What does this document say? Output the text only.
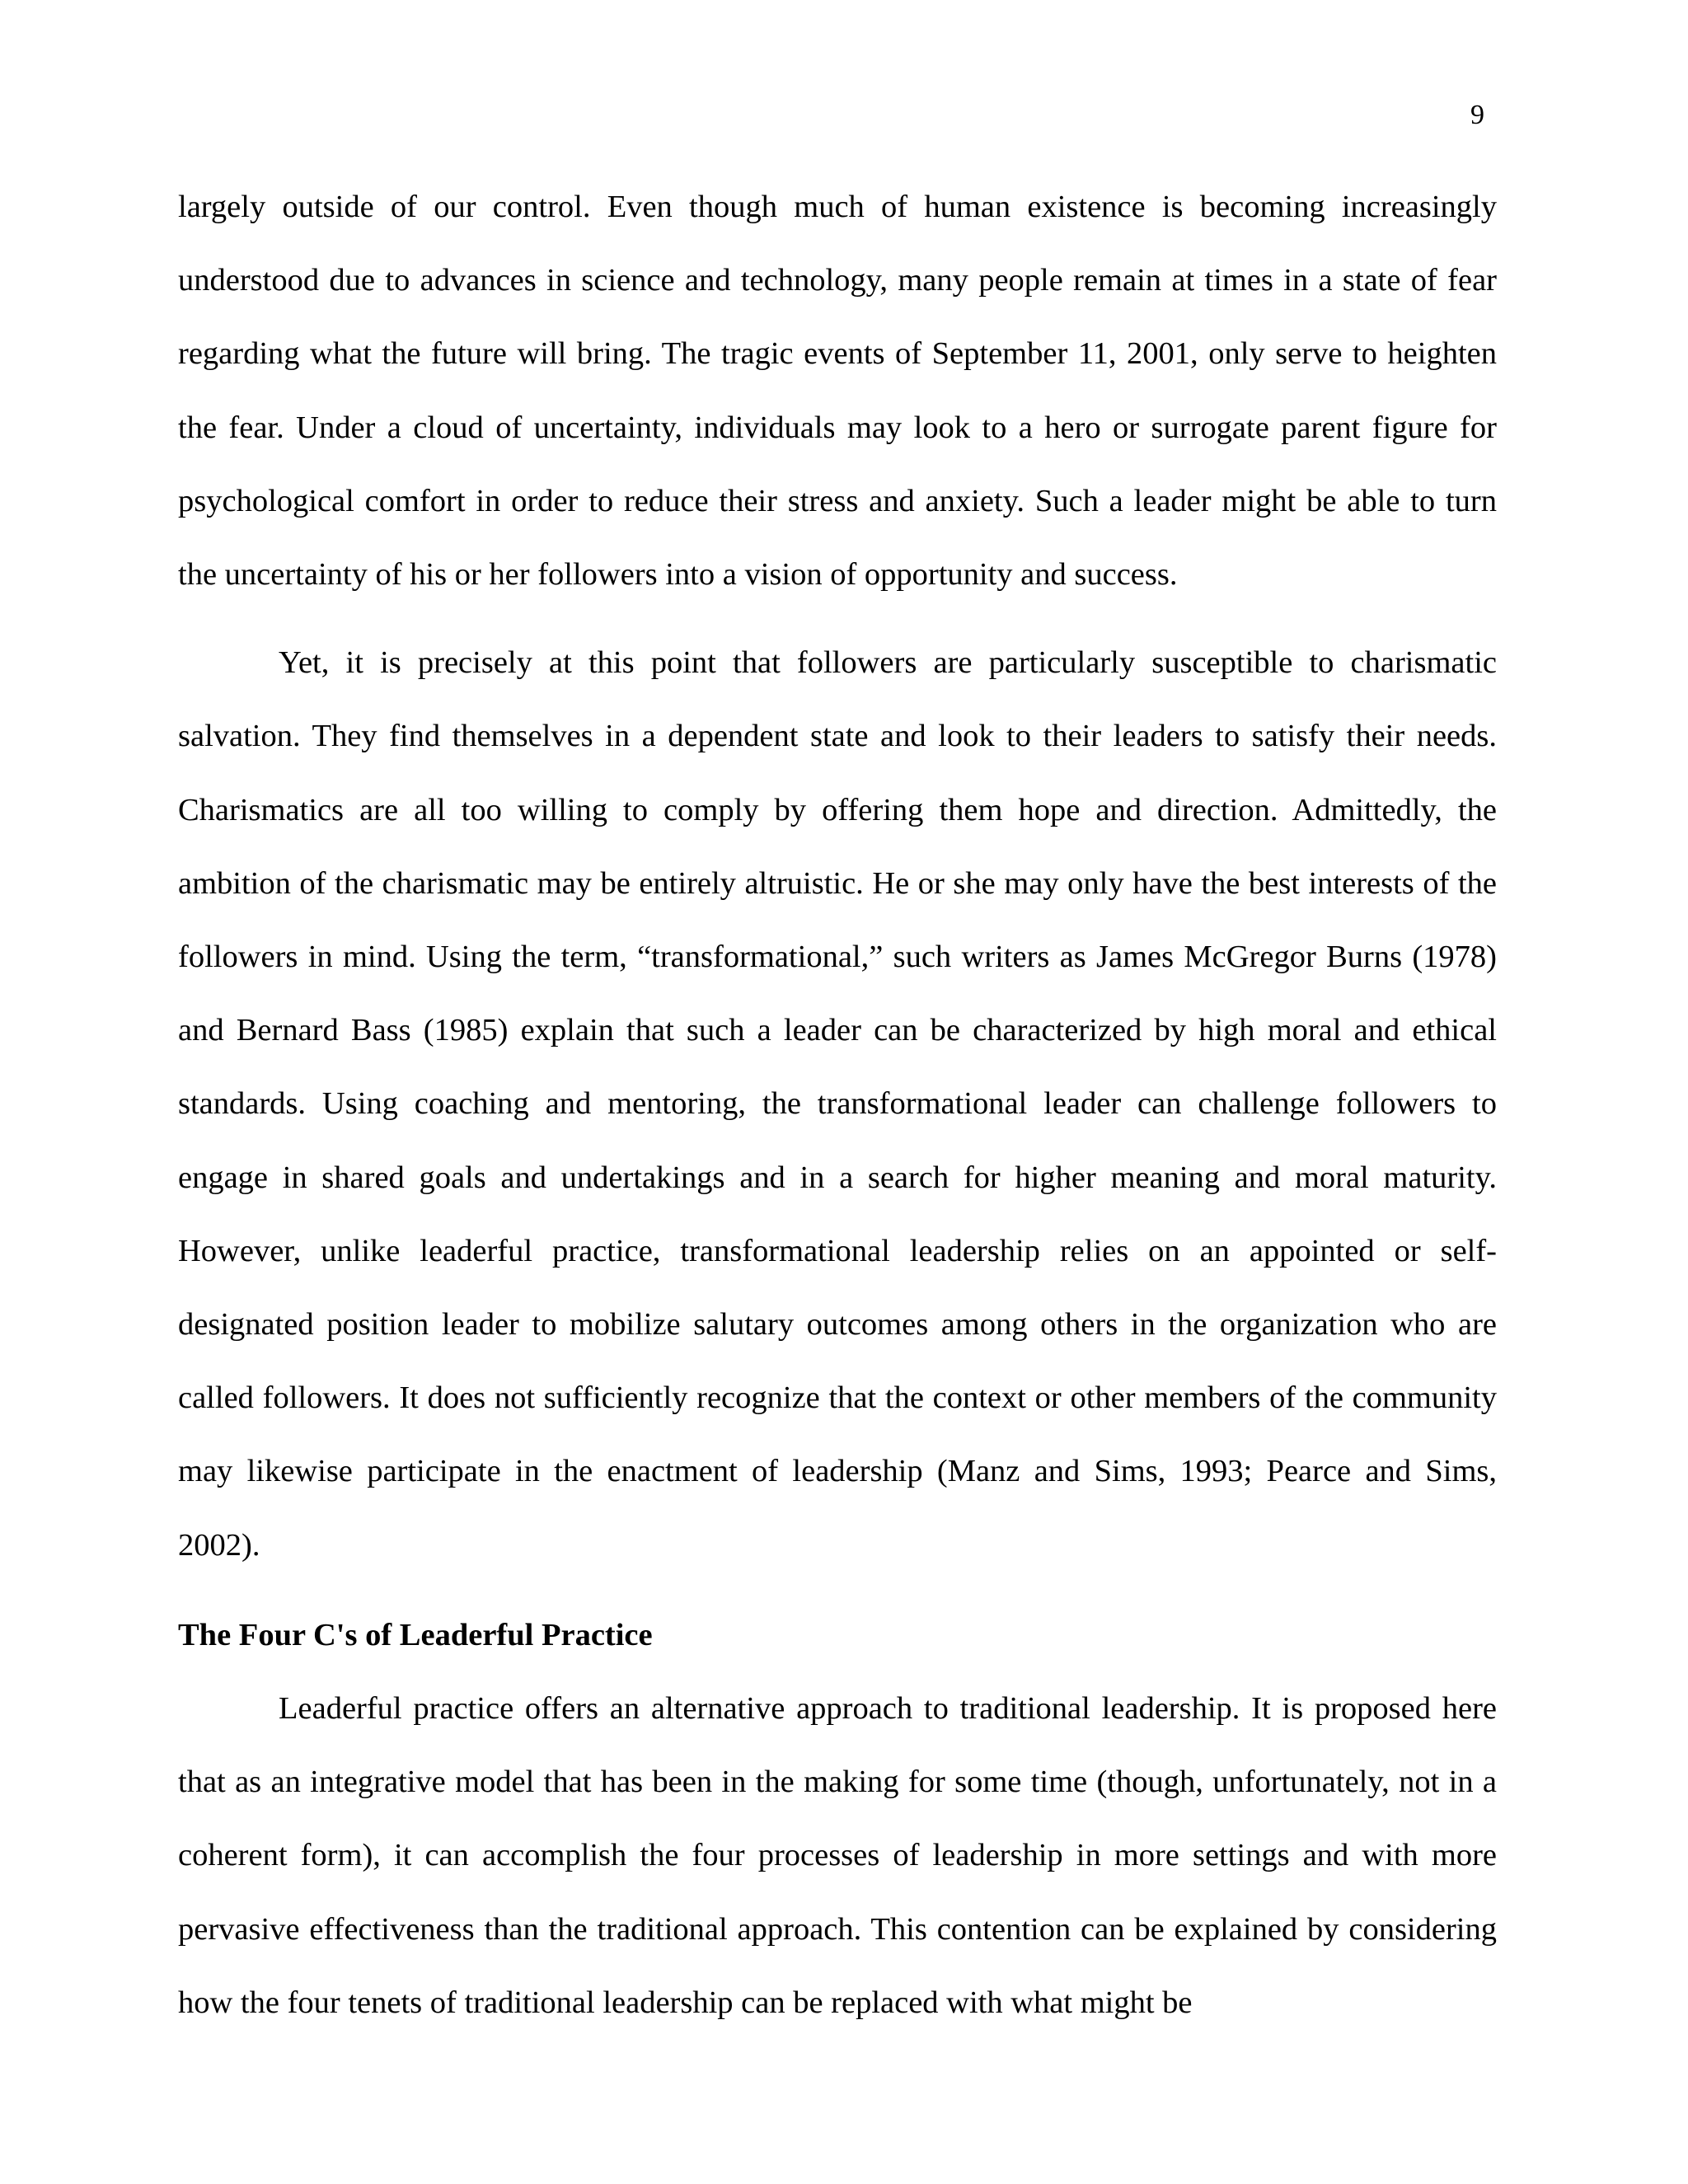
9

largely outside of our control. Even though much of human existence is becoming increasingly understood due to advances in science and technology, many people remain at times in a state of fear regarding what the future will bring. The tragic events of September 11, 2001, only serve to heighten the fear. Under a cloud of uncertainty, individuals may look to a hero or surrogate parent figure for psychological comfort in order to reduce their stress and anxiety. Such a leader might be able to turn the uncertainty of his or her followers into a vision of opportunity and success.

Yet, it is precisely at this point that followers are particularly susceptible to charismatic salvation. They find themselves in a dependent state and look to their leaders to satisfy their needs. Charismatics are all too willing to comply by offering them hope and direction. Admittedly, the ambition of the charismatic may be entirely altruistic. He or she may only have the best interests of the followers in mind. Using the term, “transformational,” such writers as James McGregor Burns (1978) and Bernard Bass (1985) explain that such a leader can be characterized by high moral and ethical standards. Using coaching and mentoring, the transformational leader can challenge followers to engage in shared goals and undertakings and in a search for higher meaning and moral maturity. However, unlike leaderful practice, transformational leadership relies on an appointed or self-designated position leader to mobilize salutary outcomes among others in the organization who are called followers. It does not sufficiently recognize that the context or other members of the community may likewise participate in the enactment of leadership (Manz and Sims, 1993; Pearce and Sims, 2002).

The Four C's of Leaderful Practice

Leaderful practice offers an alternative approach to traditional leadership. It is proposed here that as an integrative model that has been in the making for some time (though, unfortunately, not in a coherent form), it can accomplish the four processes of leadership in more settings and with more pervasive effectiveness than the traditional approach. This contention can be explained by considering how the four tenets of traditional leadership can be replaced with what might be
